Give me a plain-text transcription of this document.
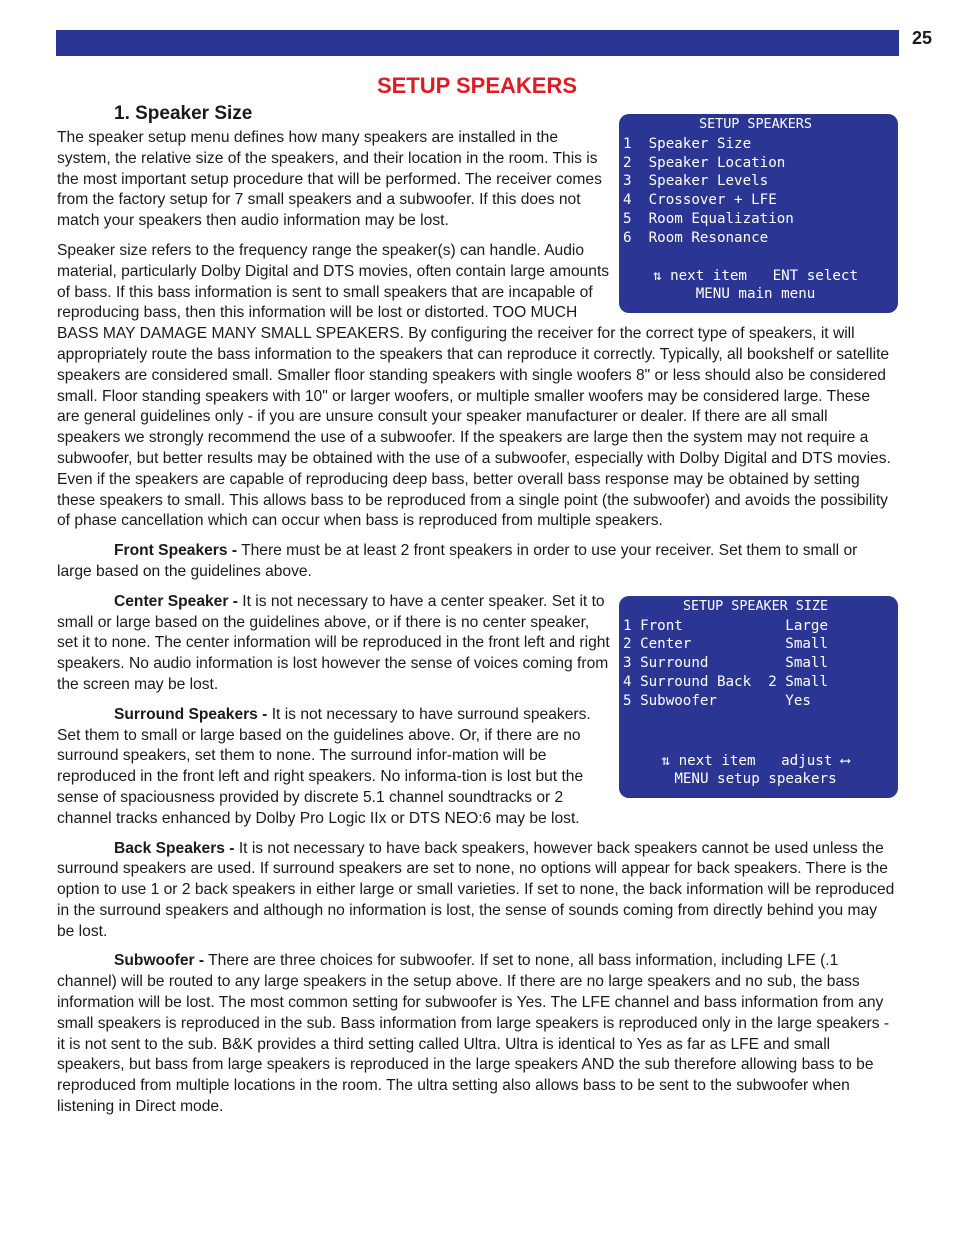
25
SETUP SPEAKERS
1. Speaker Size
SETUP SPEAKERS
1  Speaker Size
2  Speaker Location
3  Speaker Levels
4  Crossover + LFE
5  Room Equalization
6  Room Resonance
⇅ next item   ENT select
MENU main menu

The speaker setup menu defines how many speakers are installed in the system, the relative size of the speakers, and their location in the room. This is the most important setup procedure that will be performed. The receiver comes from the factory setup for 7 small speakers and a subwoofer. If this does not match your speakers then audio information may be lost.

Speaker size refers to the frequency range the speaker(s) can handle. Audio material, particularly Dolby Digital and DTS movies, often contain large amounts of bass. If this bass information is sent to small speakers that are incapable of reproducing bass, then this information will be lost or distorted. TOO MUCH BASS MAY DAMAGE MANY SMALL SPEAKERS. By configuring the receiver for the correct type of speakers, it will appropriately route the bass information to the speakers that can reproduce it correctly. Typically, all bookshelf or satellite speakers are considered small. Smaller floor standing speakers with single woofers 8" or less should also be considered small. Floor standing speakers with 10" or larger woofers, or multiple smaller woofers may be considered large. These are general guidelines only - if you are unsure consult your speaker manufacturer or dealer. If there are all small speakers we strongly recommend the use of a subwoofer. If the speakers are large then the system may not require a subwoofer, but better results may be obtained with the use of a subwoofer, especially with Dolby Digital and DTS movies. Even if the speakers are capable of reproducing deep bass, better overall bass response may be obtained by setting these speakers to small. This allows bass to be reproduced from a single point (the subwoofer) and avoids the possibility of phase cancellation which can occur when bass is reproduced from multiple speakers.

Front Speakers - There must be at least 2 front speakers in order to use your receiver. Set them to small or large based on the guidelines above.

SETUP SPEAKER SIZE
1 Front            Large
2 Center           Small
3 Surround         Small
4 Surround Back  2 Small
5 Subwoofer        Yes
⇅ next item   adjust ⟷
MENU setup speakers

Center Speaker - It is not necessary to have a center speaker. Set it to small or large based on the guidelines above, or if there is no center speaker, set it to none. The center information will be reproduced in the front left and right speakers. No audio information is lost however the sense of voices coming from the screen may be lost.

Surround Speakers - It is not necessary to have surround speakers. Set them to small or large based on the guidelines above. Or, if there are no surround speakers, set them to none. The surround infor-mation will be reproduced in the front left and right speakers. No informa-tion is lost but the sense of spaciousness provided by discrete 5.1 channel soundtracks or 2 channel tracks enhanced by Dolby Pro Logic IIx or DTS NEO:6 may be lost.

Back Speakers - It is not necessary to have back speakers, however back speakers cannot be used unless the surround speakers are used. If surround speakers are set to none, no options will appear for back speakers. There is the option to use 1 or 2 back speakers in either large or small varieties. If set to none, the back information will be reproduced in the surround speakers and although no information is lost, the sense of sounds coming from directly behind you may be lost.

Subwoofer - There are three choices for subwoofer. If set to none, all bass information, including LFE (.1 channel) will be routed to any large speakers in the setup above. If there are no large speakers and no sub, the bass information will be lost. The most common setting for subwoofer is Yes. The LFE channel and bass information from any small speakers is reproduced in the sub. Bass information from large speakers is reproduced only in the large speakers - it is not sent to the sub. B&K provides a third setting called Ultra. Ultra is identical to Yes as far as LFE and small speakers, but bass from large speakers is reproduced in the large speakers AND the sub therefore allowing bass to be reproduced from multiple locations in the room. The ultra setting also allows bass to be sent to the subwoofer when listening in Direct mode.
